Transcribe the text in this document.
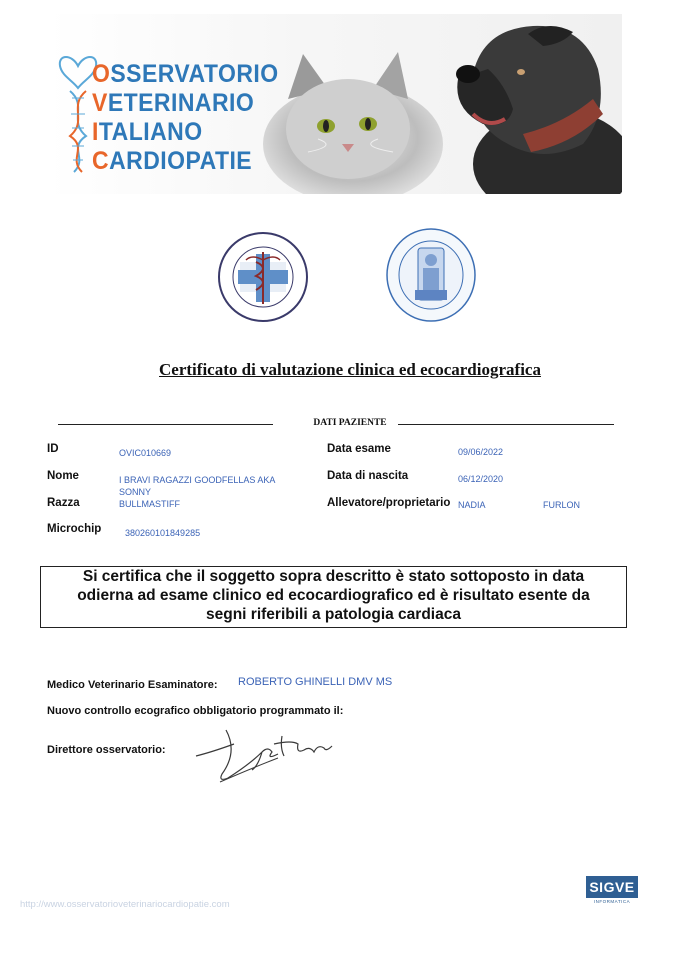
OSSERVATORIO
VETERINARIO
ITALIANO
CARDIOPATIE
Certificato di valutazione clinica ed ecocardiografica
DATI PAZIENTE
ID	OVIC010669
Nome	I BRAVI RAGAZZI GOODFELLAS AKA
SONNY
Razza	BULLMASTIFF
Microchip	380260101849285
Data esame	09/06/2022
Data di nascita	06/12/2020
Allevatore/proprietario NADIA	FURLON
Si certifica che il soggetto sopra descritto è stato sottoposto in data
odierna ad esame clinico ed ecocardiografico ed è risultato esente da
segni riferibili a patologia cardiaca
Medico Veterinario Esaminatore: ROBERTO GHINELLI DMV MS
Nuovo controllo ecografico obbligatorio programmato il:
Direttore osservatorio:
http://www.osservatorioveterinariocardiopatie.com
SIGVE
INFORMATICA
